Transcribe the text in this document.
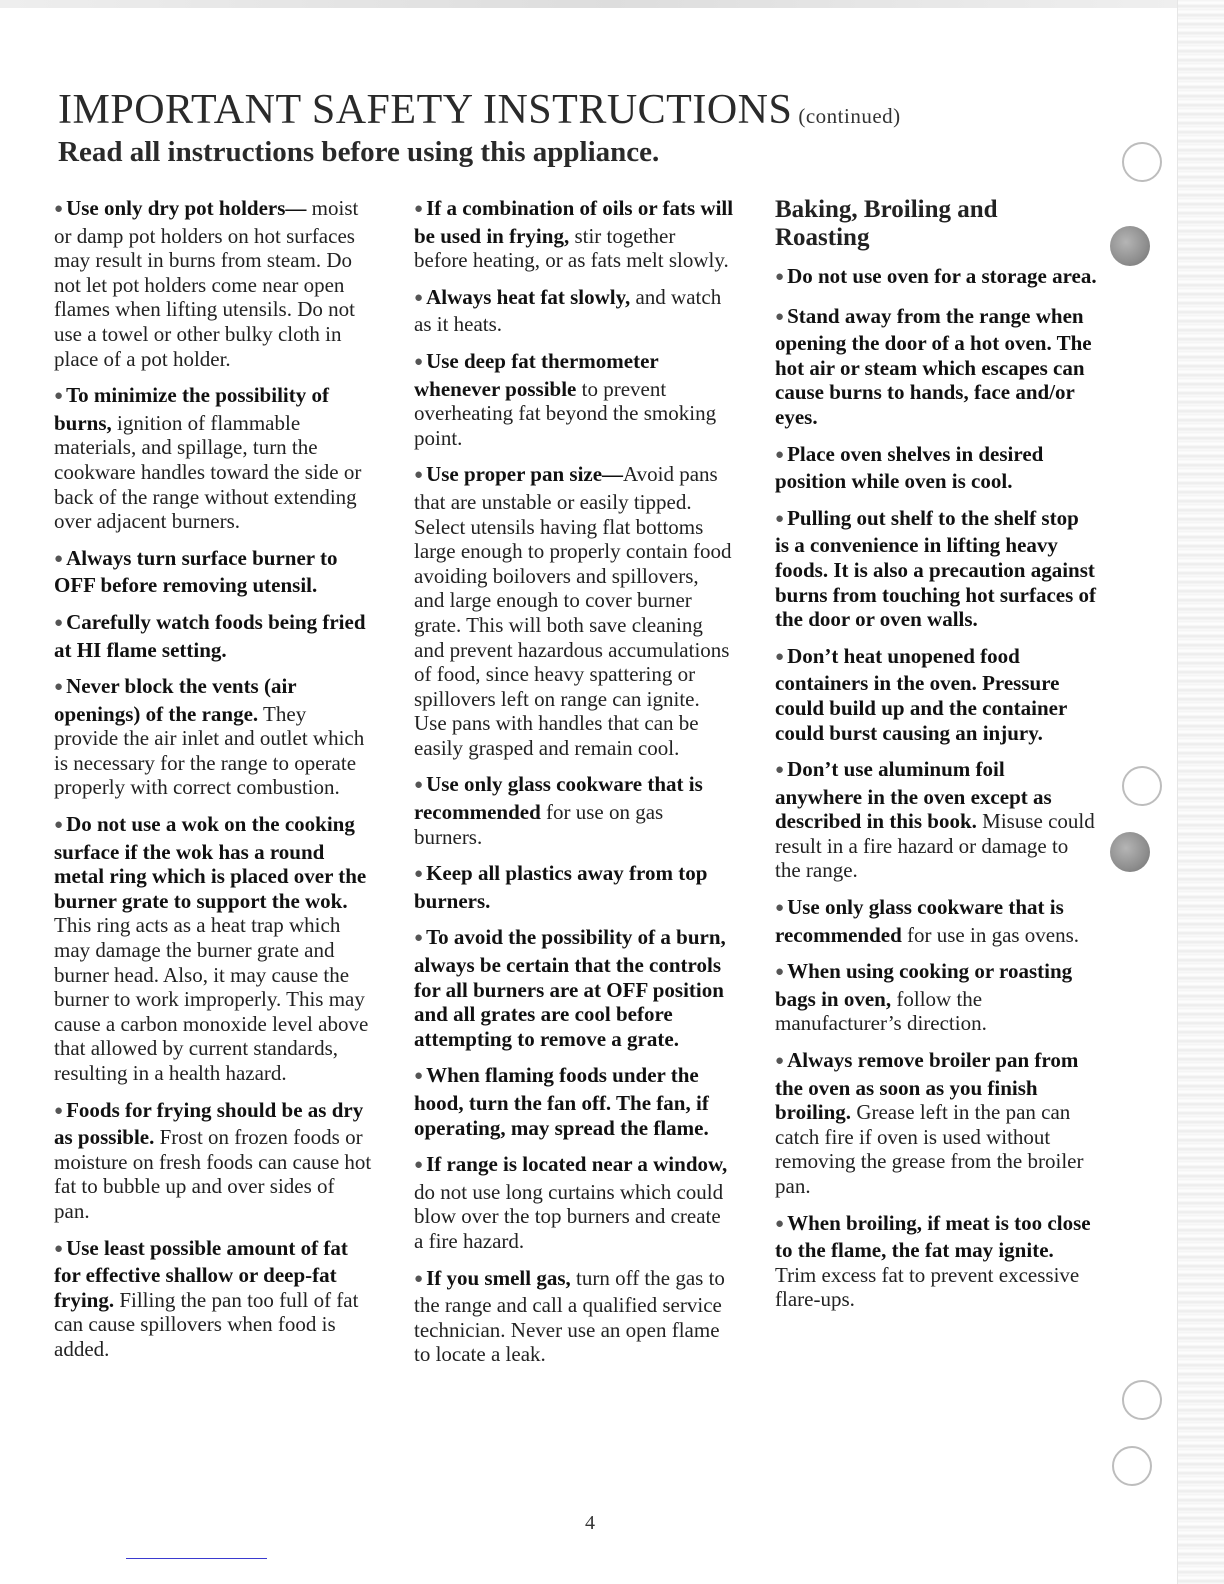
IMPORTANT SAFETY INSTRUCTIONS (continued)
Read all instructions before using this appliance.

● Use only dry pot holders— moist or damp pot holders on hot surfaces may result in burns from steam. Do not let pot holders come near open flames when lifting utensils. Do not use a towel or other bulky cloth in place of a pot holder.

● To minimize the possibility of burns, ignition of flammable materials, and spillage, turn the cookware handles toward the side or back of the range without extending over adjacent burners.

● Always turn surface burner to OFF before removing utensil.

● Carefully watch foods being fried at HI flame setting.

● Never block the vents (air openings) of the range. They provide the air inlet and outlet which is necessary for the range to operate properly with correct combustion.

● Do not use a wok on the cooking surface if the wok has a round metal ring which is placed over the burner grate to support the wok. This ring acts as a heat trap which may damage the burner grate and burner head. Also, it may cause the burner to work improperly. This may cause a carbon monoxide level above that allowed by current standards, resulting in a health hazard.

● Foods for frying should be as dry as possible. Frost on frozen foods or moisture on fresh foods can cause hot fat to bubble up and over sides of pan.

● Use least possible amount of fat for effective shallow or deep-fat frying. Filling the pan too full of fat can cause spillovers when food is added.

● If a combination of oils or fats will be used in frying, stir together before heating, or as fats melt slowly.

● Always heat fat slowly, and watch as it heats.

● Use deep fat thermometer whenever possible to prevent overheating fat beyond the smoking point.

● Use proper pan size—Avoid pans that are unstable or easily tipped. Select utensils having flat bottoms large enough to properly contain food avoiding boilovers and spillovers, and large enough to cover burner grate. This will both save cleaning and prevent hazardous accumulations of food, since heavy spattering or spillovers left on range can ignite. Use pans with handles that can be easily grasped and remain cool.

● Use only glass cookware that is recommended for use on gas burners.

● Keep all plastics away from top burners.

● To avoid the possibility of a burn, always be certain that the controls for all burners are at OFF position and all grates are cool before attempting to remove a grate.

● When flaming foods under the hood, turn the fan off. The fan, if operating, may spread the flame.

● If range is located near a window, do not use long curtains which could blow over the top burners and create a fire hazard.

● If you smell gas, turn off the gas to the range and call a qualified service technician. Never use an open flame to locate a leak.

Baking, Broiling and Roasting

● Do not use oven for a storage area.

● Stand away from the range when opening the door of a hot oven. The hot air or steam which escapes can cause burns to hands, face and/or eyes.

● Place oven shelves in desired position while oven is cool.

● Pulling out shelf to the shelf stop is a convenience in lifting heavy foods. It is also a precaution against burns from touching hot surfaces of the door or oven walls.

● Don’t heat unopened food containers in the oven. Pressure could build up and the container could burst causing an injury.

● Don’t use aluminum foil anywhere in the oven except as described in this book. Misuse could result in a fire hazard or damage to the range.

● Use only glass cookware that is recommended for use in gas ovens.

● When using cooking or roasting bags in oven, follow the manufacturer’s direction.

● Always remove broiler pan from the oven as soon as you finish broiling. Grease left in the pan can catch fire if oven is used without removing the grease from the broiler pan.

● When broiling, if meat is too close to the flame, the fat may ignite. Trim excess fat to prevent excessive flare-ups.

4
